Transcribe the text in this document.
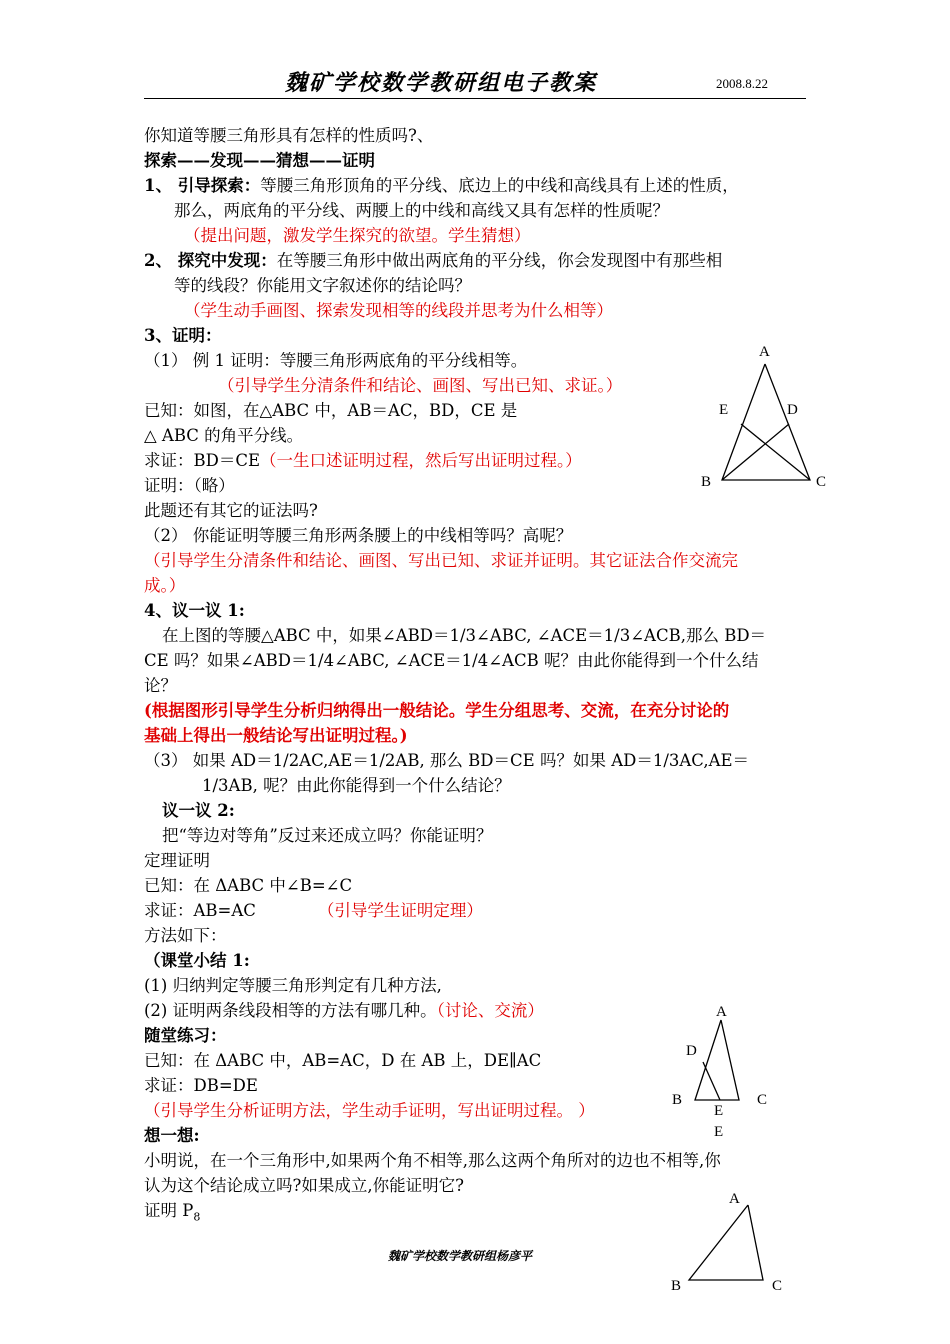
魏矿学校数学教研组电子教案	2008.8.22
你知道等腰三角形具有怎样的性质吗?、
探索——发现——猜想——证明
1、 引导探索：等腰三角形顶角的平分线、底边上的中线和高线具有上述的性质，
那么，两底角的平分线、两腰上的中线和高线又具有怎样的性质呢？
（提出问题，激发学生探究的欲望。学生猜想）
2、 探究中发现：在等腰三角形中做出两底角的平分线，你会发现图中有那些相
等的线段？你能用文字叙述你的结论吗？
（学生动手画图、探索发现相等的线段并思考为什么相等）
3、证明：
（1） 例 1 证明：等腰三角形两底角的平分线相等。
（引导学生分清条件和结论、画图、写出已知、求证。）
已知：如图，在△ABC 中，AB＝AC，BD，CE 是
△ ABC 的角平分线。
求证：BD＝CE（一生口述证明过程，然后写出证明过程。）
证明：（略）
此题还有其它的证法吗?
（2） 你能证明等腰三角形两条腰上的中线相等吗？高呢？
（引导学生分清条件和结论、画图、写出已知、求证并证明。其它证法合作交流完
成。）
4、议一议 1:
在上图的等腰△ABC 中，如果∠ABD＝1/3∠ABC, ∠ACE＝1/3∠ACB,那么 BD＝
CE 吗？如果∠ABD＝1/4∠ABC, ∠ACE＝1/4∠ACB 呢？由此你能得到一个什么结
论？
(根据图形引导学生分析归纳得出一般结论。学生分组思考、交流，在充分讨论的
基础上得出一般结论写出证明过程。)
（3） 如果 AD＝1/2AC,AE＝1/2AB, 那么 BD＝CE 吗？如果 AD＝1/3AC,AE＝
1/3AB, 呢？由此你能得到一个什么结论？
议一议 2:
把“等边对等角”反过来还成立吗？你能证明？
定理证明
已知：在 ΔABC 中∠B=∠C
求证：AB=AC	（引导学生证明定理）
方法如下：
（课堂小结 1:
(1) 归纳判定等腰三角形判定有几种方法,
(2) 证明两条线段相等的方法有哪几种。（讨论、交流）
随堂练习：
已知：在 ΔABC 中，AB=AC，D 在 AB 上，DE∥AC
求证：DB=DE
（引导学生分析证明方法，学生动手证明，写出证明过程。 ）
想一想:
小明说，在一个三角形中,如果两个角不相等,那么这两个角所对的边也不相等,你
认为这个结论成立吗?如果成立,你能证明它?
证明 $P_8$
A
E	D
B	C
A
D
B	C
E
E
A
B	C
魏矿学校数学教研组杨彦平
